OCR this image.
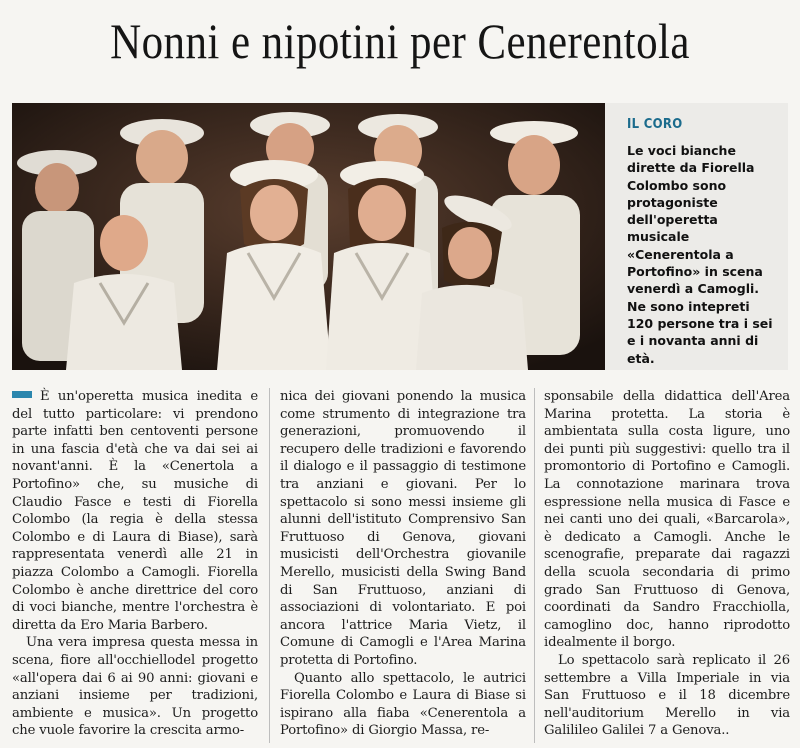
Nonni e nipotini per Cenerentola
IL CORO
Le voci bianche dirette da Fiorella Colombo sono protagoniste dell'operetta musicale «Cenerentola a Portofino» in scena venerdì a Camogli. Ne sono intepreti 120 persone tra i sei e i novanta anni di età.

È un'operetta musica inedita e del tutto particolare: vi prendono parte infatti ben centoventi persone in una fascia d'età che va dai sei ai novant'anni. È la «Cenertola a Portofino» che, su musiche di Claudio Fasce e testi di Fiorella Colombo (la regia è della stessa Colombo e di Laura di Biase), sarà rappresentata venerdì alle 21 in piazza Colombo a Camogli. Fiorella Colombo è anche direttrice del coro di voci bianche, mentre l'orchestra è diretta da Ero Maria Barbero.

Una vera impresa questa messa in scena, fiore all'occhiellodel progetto «all'opera dai 6 ai 90 anni: giovani e anziani insieme per tradizioni, ambiente e musica». Un progetto che vuole favorire la crescita armo-

nica dei giovani ponendo la musica come strumento di integrazione tra generazioni, promuovendo il recupero delle tradizioni e favorendo il dialogo e il passaggio di testimone tra anziani e giovani. Per lo spettacolo si sono messi insieme gli alunni dell'istituto Comprensivo San Fruttuoso di Genova, giovani musicisti dell'Orchestra giovanile Merello, musicisti della Swing Band di San Fruttuoso, anziani di associazioni di volontariato. E poi ancora l'attrice Maria Vietz, il Comune di Camogli e l'Area Marina protetta di Portofino.

Quanto allo spettacolo, le autrici Fiorella Colombo e Laura di Biase si ispirano alla fiaba «Cenerentola a Portofino» di Giorgio Massa, re-

sponsabile della didattica dell'Area Marina protetta. La storia è ambientata sulla costa ligure, uno dei punti più suggestivi: quello tra il promontorio di Portofino e Camogli. La connotazione marinara trova espressione nella musica di Fasce e nei canti uno dei quali, «Barcarola», è dedicato a Camogli. Anche le scenografie, preparate dai ragazzi della scuola secondaria di primo grado San Fruttuoso di Genova, coordinati da Sandro Fracchiolla, camoglino doc, hanno riprodotto idealmente il borgo.

Lo spettacolo sarà replicato il 26 settembre a Villa Imperiale in via San Fruttuoso e il 18 dicembre nell'auditorium Merello in via Galilileo Galilei 7 a Genova..
